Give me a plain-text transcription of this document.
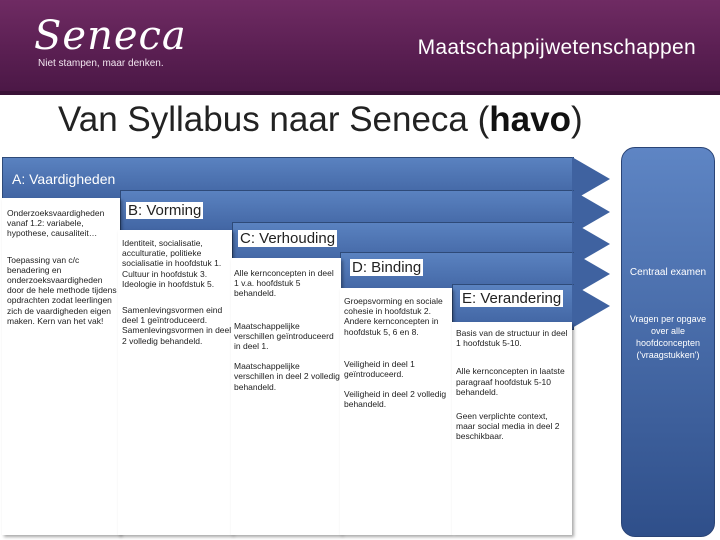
Seneca
Niet stampen, maar denken.
Maatschappijwetenschappen
Van Syllabus naar Seneca (havo)
A: Vaardigheden

Onderzoeksvaardigheden vanaf 1.2: variabele, hypothese, causaliteit…

Toepassing van c/c benadering en onderzoeksvaardigheden door de hele methode tijdens opdrachten zodat leerlingen zich de vaardigheden eigen maken. Kern van het vak!

Identiteit, socialisatie, acculturatie, politieke socialisatie in hoofdstuk 1. Cultuur in hoofdstuk 3. Ideologie in hoofdstuk 5.

Samenlevingsvormen eind deel 1 geïntroduceerd. Samenlevingsvormen in deel 2 volledig behandeld.

B: Vorming

Alle kernconcepten in deel 1 v.a. hoofdstuk 5 behandeld.

Maatschappelijke verschillen geïntroduceerd in deel 1.

Maatschappelijke verschillen in deel 2 volledig behandeld.

C: Verhouding

Groepsvorming en sociale cohesie in hoofdstuk 2. Andere kernconcepten in hoofdstuk 5, 6 en 8.

Veiligheid in deel 1 geïntroduceerd.

Veiligheid in deel 2 volledig behandeld.

D: Binding

Basis van de structuur in deel 1 hoofdstuk 5-10.

Alle kernconcepten in laatste paragraaf hoofdstuk 5-10 behandeld.

Geen verplichte context, maar social media in deel 2 beschikbaar.

E: Verandering
Centraal examen
Vragen per opgave over alle hoofdconcepten ('vraagstukken')
